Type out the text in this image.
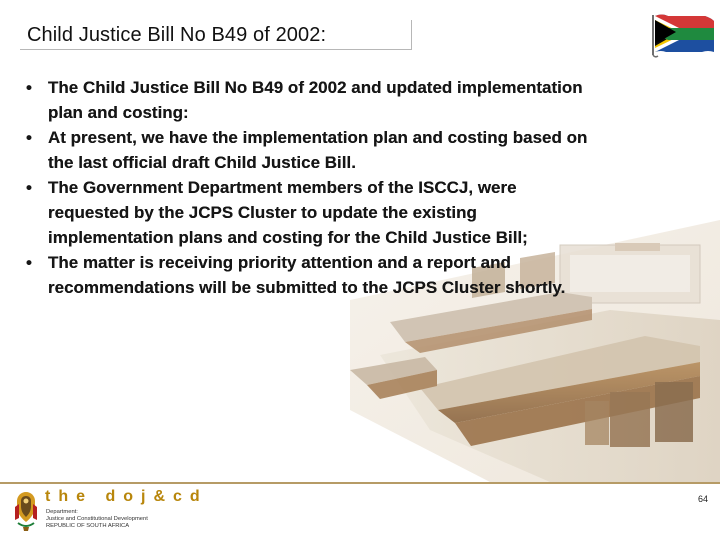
Child Justice Bill No B49 of 2002:
• The Child Justice Bill No B49 of 2002 and updated implementation
plan and costing:
• At present, we have the implementation plan and costing based on
the last official draft Child Justice Bill.
• The Government Department members of the ISCCJ, were
requested by the JCPS Cluster to update the existing
implementation plans and costing for the Child Justice Bill;
• The matter is receiving priority attention and a report and
recommendations will be submitted to the JCPS Cluster shortly.
the doj&cd
Department:
Justice and Constitutional Development
REPUBLIC OF SOUTH AFRICA
64
